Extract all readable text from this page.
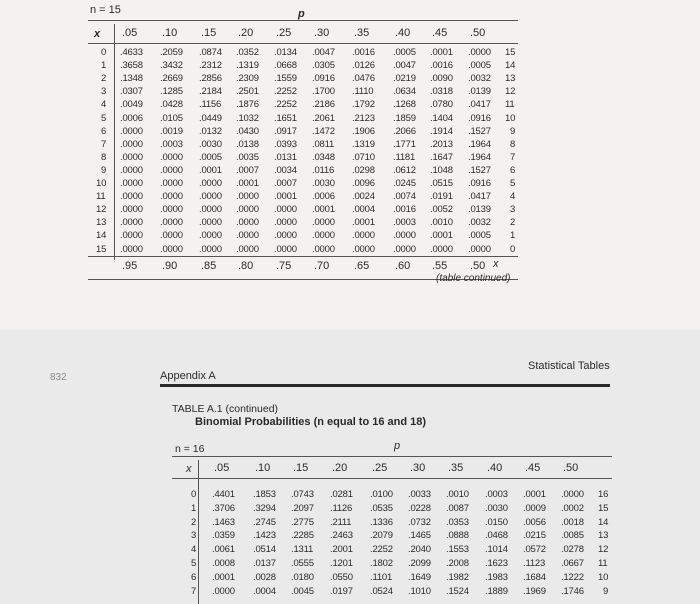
n = 15	p
x .05 .10 .15 .20 .25 .30 .35 .40 .45 .50
0 .4633 .2059 .0874 .0352 .0134 .0047 .0016 .0005 .0001 .0000 15
1 .3658 .3432 .2312 .1319 .0668 .0305 .0126 .0047 .0016 .0005 14
2 .1348 .2669 .2856 .2309 .1559 .0916 .0476 .0219 .0090 .0032 13
3 .0307 .1285 .2184 .2501 .2252 .1700 .1110 .0634 .0318 .0139 12
4 .0049 .0428 .1156 .1876 .2252 .2186 .1792 .1268 .0780 .0417 11
5 .0006 .0105 .0449 .1032 .1651 .2061 .2123 .1859 .1404 .0916 10
6 .0000 .0019 .0132 .0430 .0917 .1472 .1906 .2066 .1914 .1527 9
7 .0000 .0003 .0030 .0138 .0393 .0811 .1319 .1771 .2013 .1964 8
8 .0000 .0000 .0005 .0035 .0131 .0348 .0710 .1181 .1647 .1964 7
9 .0000 .0000 .0001 .0007 .0034 .0116 .0298 .0612 .1048 .1527 6
10 .0000 .0000 .0000 .0001 .0007 .0030 .0096 .0245 .0515 .0916 5
11 .0000 .0000 .0000 .0000 .0001 .0006 .0024 .0074 .0191 .0417 4
12 .0000 .0000 .0000 .0000 .0000 .0001 .0004 .0016 .0052 .0139 3
13 .0000 .0000 .0000 .0000 .0000 .0000 .0001 .0003 .0010 .0032 2
14 .0000 .0000 .0000 .0000 .0000 .0000 .0000 .0000 .0001 .0005 1
15 .0000 .0000 .0000 .0000 .0000 .0000 .0000 .0000 .0000 .0000 0
.95 .90 .85 .80 .75 .70 .65 .60 .55 .50 x
(table continued)
832	Appendix A
Statistical Tables
TABLE A.1 (continued)
Binomial Probabilities (n equal to 16 and 18)
n = 16	p
x .05 .10 .15 .20 .25 .30 .35 .40 .45 .50
0 .4401 .1853 .0743 .0281 .0100 .0033 .0010 .0003 .0001 .0000 16
1 .3706 .3294 .2097 .1126 .0535 .0228 .0087 .0030 .0009 .0002 15
2 .1463 .2745 .2775 .2111 .1336 .0732 .0353 .0150 .0056 .0018 14
3 .0359 .1423 .2285 .2463 .2079 .1465 .0888 .0468 .0215 .0085 13
4 .0061 .0514 .1311 .2001 .2252 .2040 .1553 .1014 .0572 .0278 12
5 .0008 .0137 .0555 .1201 .1802 .2099 .2008 .1623 .1123 .0667 11
6 .0001 .0028 .0180 .0550 .1101 .1649 .1982 .1983 .1684 .1222 10
7 .0000 .0004 .0045 .0197 .0524 .1010 .1524 .1889 .1969 .1746 9
